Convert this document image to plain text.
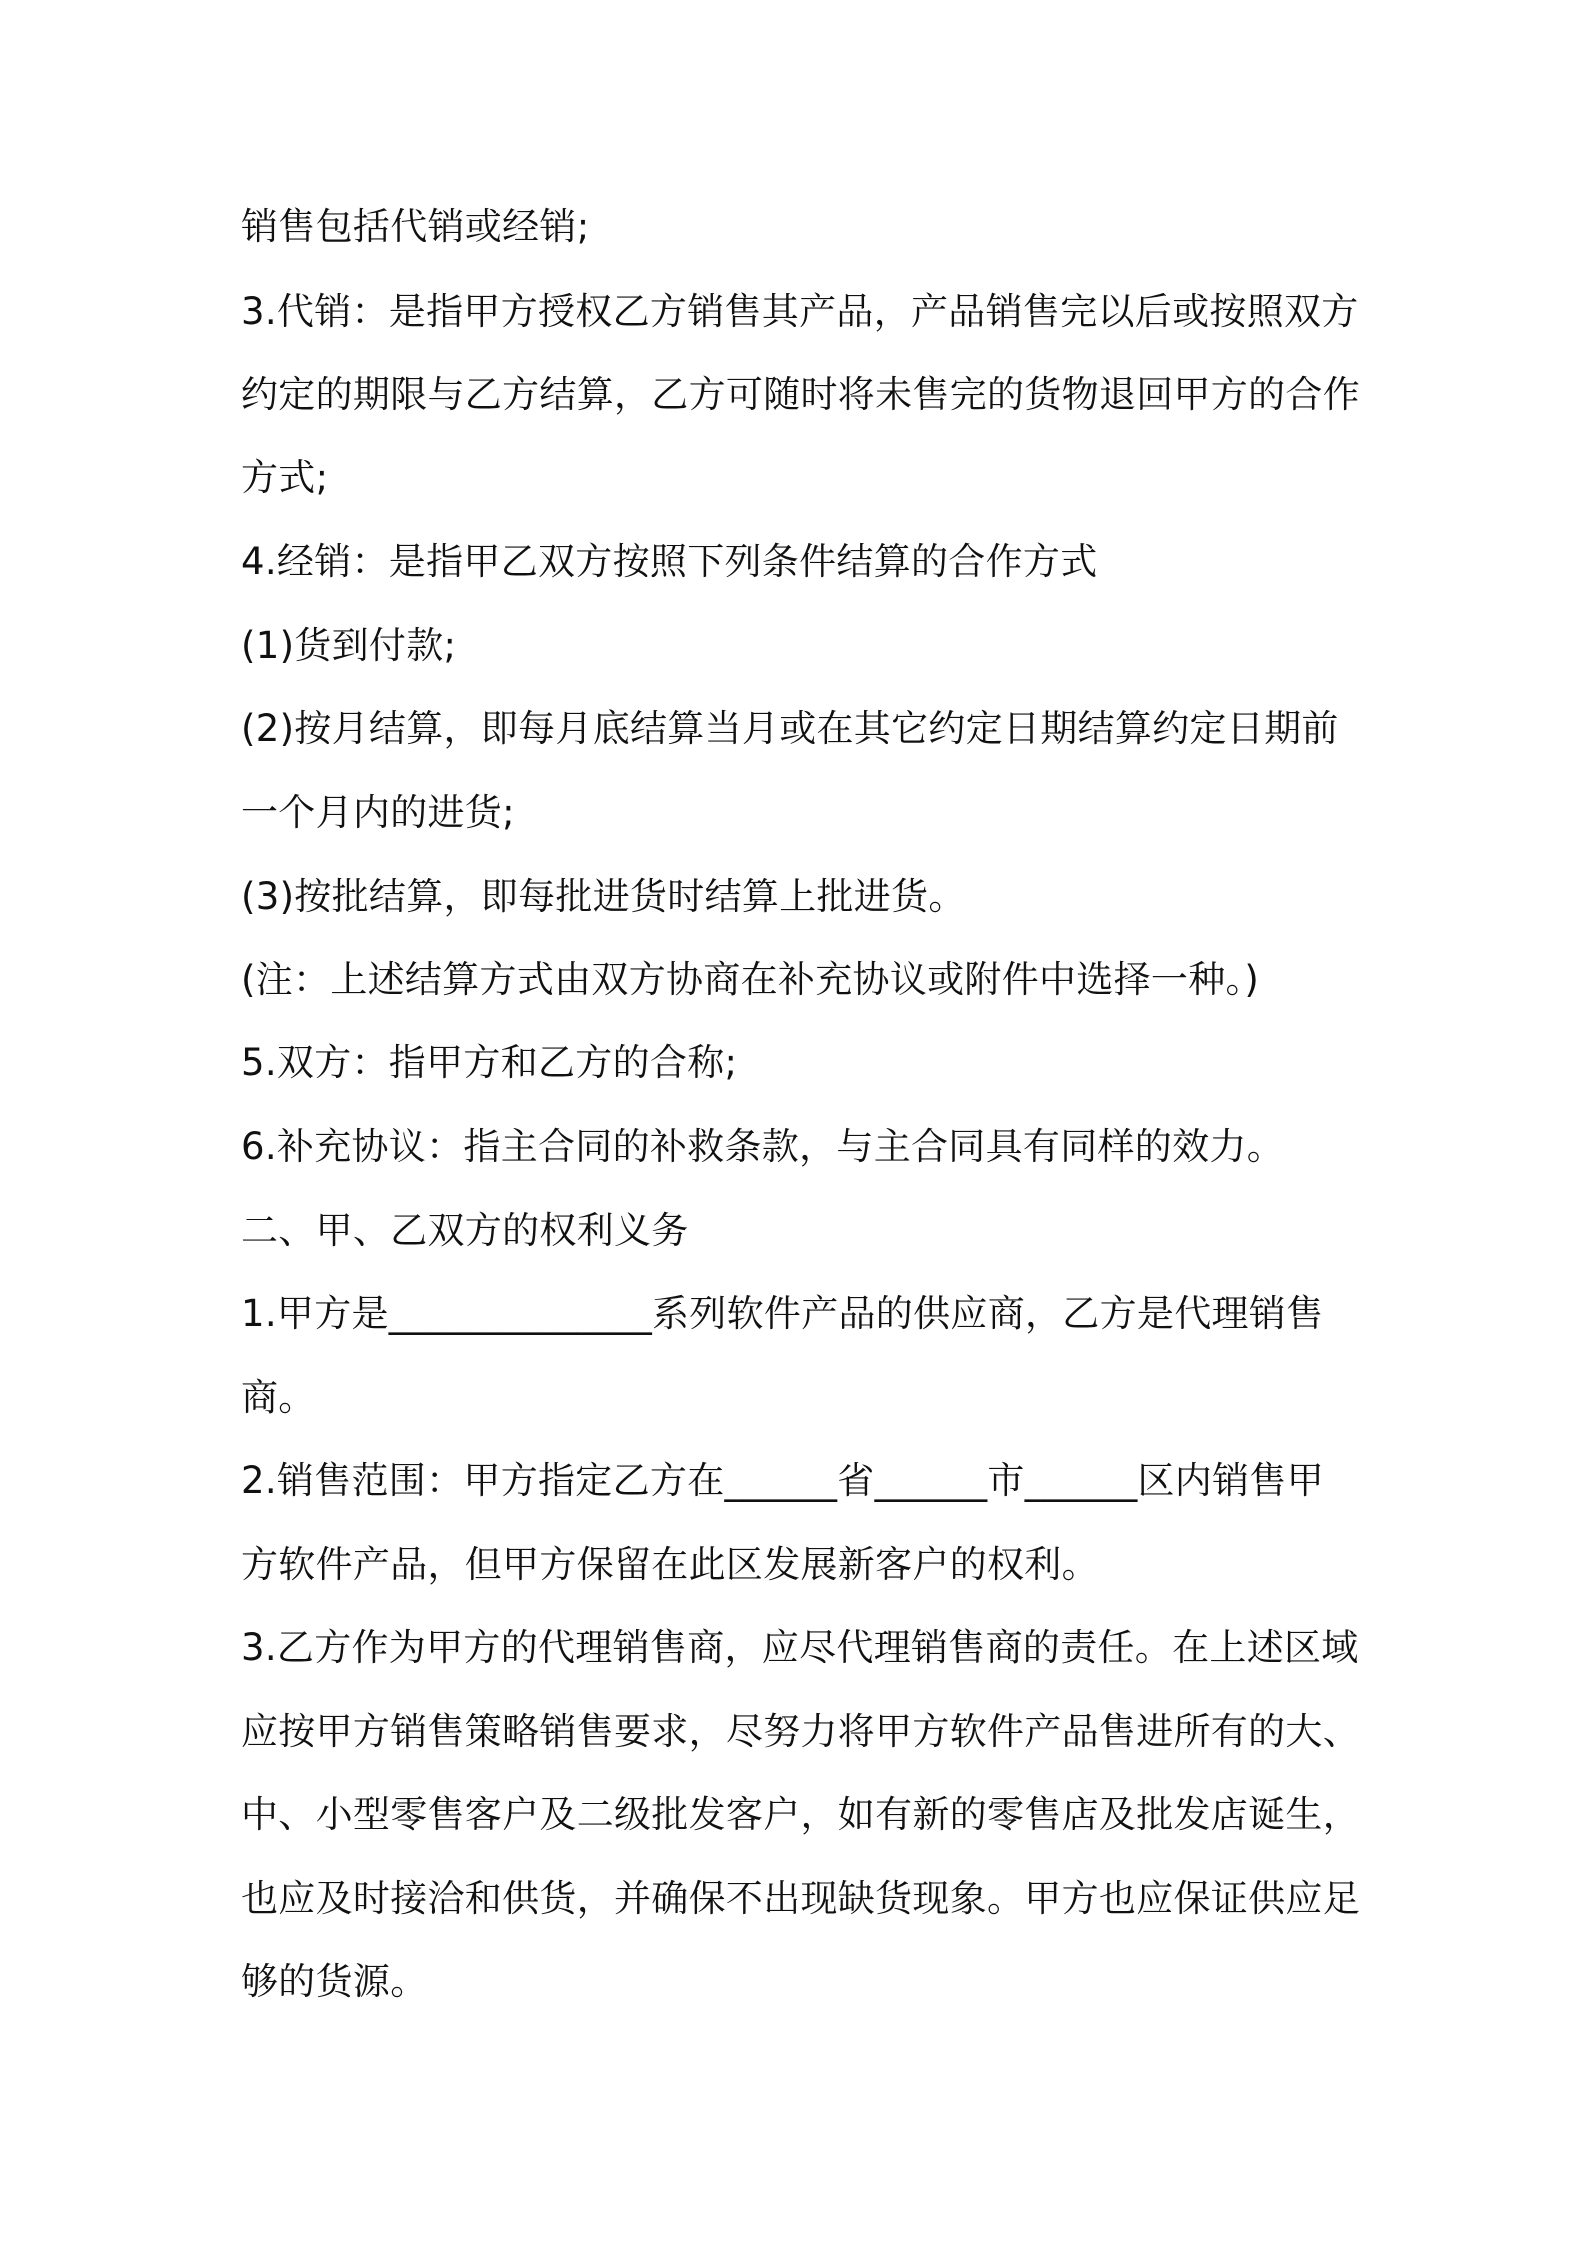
销售包括代销或经销;

3.代销：是指甲方授权乙方销售其产品，产品销售完以后或按照双方

约定的期限与乙方结算，乙方可随时将未售完的货物退回甲方的合作

方式;

4.经销：是指甲乙双方按照下列条件结算的合作方式

(1)货到付款;

(2)按月结算，即每月底结算当月或在其它约定日期结算约定日期前

一个月内的进货;

(3)按批结算，即每批进货时结算上批进货。

(注：上述结算方式由双方协商在补充协议或附件中选择一种。)

5.双方：指甲方和乙方的合称;

6.补充协议：指主合同的补救条款，与主合同具有同样的效力。

二、甲、乙双方的权利义务

1.甲方是______________系列软件产品的供应商，乙方是代理销售

商。

2.销售范围：甲方指定乙方在______省______市______区内销售甲

方软件产品，但甲方保留在此区发展新客户的权利。

3.乙方作为甲方的代理销售商，应尽代理销售商的责任。在上述区域

应按甲方销售策略销售要求，尽努力将甲方软件产品售进所有的大、

中、小型零售客户及二级批发客户，如有新的零售店及批发店诞生，

也应及时接洽和供货，并确保不出现缺货现象。甲方也应保证供应足

够的货源。
